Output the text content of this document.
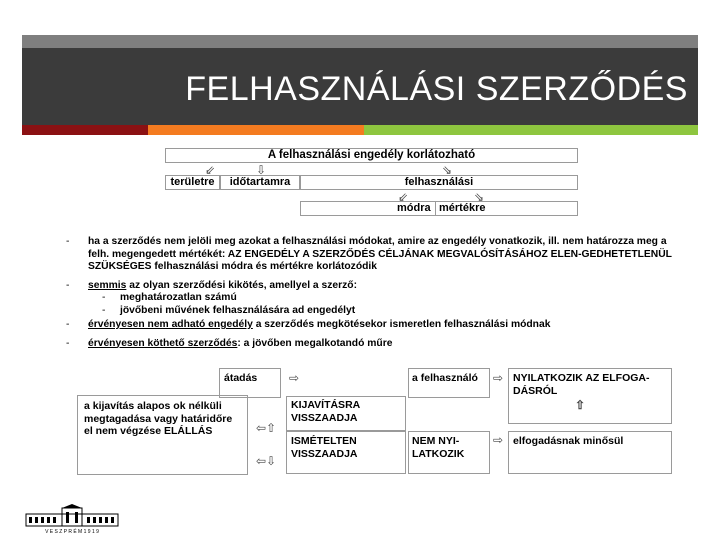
FELHASZNÁLÁSI SZERZŐDÉS
A felhasználási engedély korlátozható
⇙	⇩	⇘
területre	időtartamra	felhasználási
⇙	⇘
módra mértékre
- ha a szerződés nem jelöli meg azokat a felhasználási módokat, amire az engedély vonatkozik, ill. nem határozza meg a felh. megengedett mértékét: AZ ENGEDÉLY A SZERZŐDÉS CÉLJÁNAK MEGVALÓSÍTÁSÁHOZ ELEN-GEDHETETLENÜL SZÜKSÉGES felhasználási módra és mértékre korlátozódik
- semmis az olyan szerződési kikötés, amellyel a szerző:
- meghatározatlan számú
- jövőbeni művének felhasználására ad engedélyt
- érvényesen nem adható engedély a szerződés megkötésekor ismeretlen felhasználási módnak
- érvényesen köthető szerződés: a jövőben megalkotandó műre
a kijavítás alapos ok nélküli megtagadása vagy határidőre el nem végzése ELÁLLÁS
átadás	⇨
KIJAVÍTÁSRA VISSZAADJA
ISMÉTELTEN VISSZAADJA
⇦⇧
⇦⇩
a felhasználó	⇨ NYILATKOZIK AZ ELFOGA-DÁSRÓL
⇧
NEM NYI-LATKOZIK
⇨ elfogadásnak minősül
V E S Z P R É M 1 9 1 9
